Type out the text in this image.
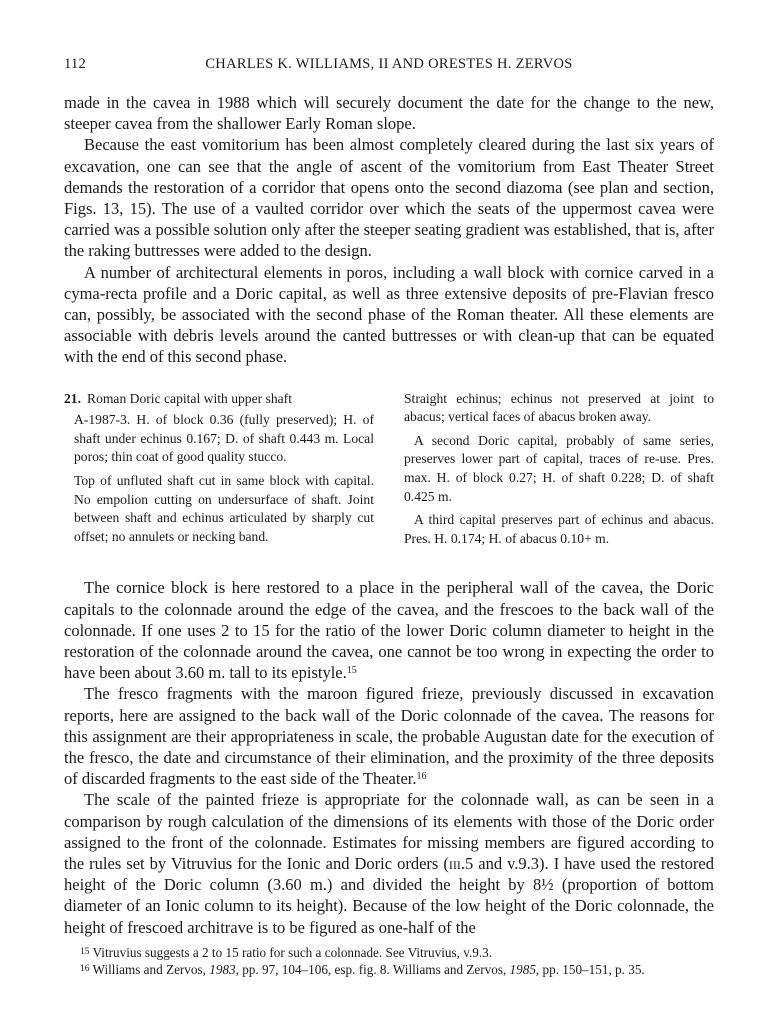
112	CHARLES K. WILLIAMS, II AND ORESTES H. ZERVOS

made in the cavea in 1988 which will securely document the date for the change to the new, steeper cavea from the shallower Early Roman slope.

Because the east vomitorium has been almost completely cleared during the last six years of excavation, one can see that the angle of ascent of the vomitorium from East Theater Street demands the restoration of a corridor that opens onto the second diazoma (see plan and section, Figs. 13, 15). The use of a vaulted corridor over which the seats of the uppermost cavea were carried was a possible solution only after the steeper seating gradient was established, that is, after the raking buttresses were added to the design.

A number of architectural elements in poros, including a wall block with cornice carved in a cyma-recta profile and a Doric capital, as well as three extensive deposits of pre-Flavian fresco can, possibly, be associated with the second phase of the Roman theater. All these elements are associable with debris levels around the canted buttresses or with clean-up that can be equated with the end of this second phase.

21. Roman Doric capital with upper shaft

A-1987-3. H. of block 0.36 (fully preserved); H. of shaft under echinus 0.167; D. of shaft 0.443 m. Local poros; thin coat of good quality stucco.

Top of unfluted shaft cut in same block with capital. No empolion cutting on undersurface of shaft. Joint between shaft and echinus articulated by sharply cut offset; no annulets or necking band.

Straight echinus; echinus not preserved at joint to abacus; vertical faces of abacus broken away.

A second Doric capital, probably of same series, preserves lower part of capital, traces of re-use. Pres. max. H. of block 0.27; H. of shaft 0.228; D. of shaft 0.425 m.

A third capital preserves part of echinus and abacus. Pres. H. 0.174; H. of abacus 0.10+ m.

The cornice block is here restored to a place in the peripheral wall of the cavea, the Doric capitals to the colonnade around the edge of the cavea, and the frescoes to the back wall of the colonnade. If one uses 2 to 15 for the ratio of the lower Doric column diameter to height in the restoration of the colonnade around the cavea, one cannot be too wrong in expecting the order to have been about 3.60 m. tall to its epistyle.$^{15}$

The fresco fragments with the maroon figured frieze, previously discussed in excavation reports, here are assigned to the back wall of the Doric colonnade of the cavea. The reasons for this assignment are their appropriateness in scale, the probable Augustan date for the execution of the fresco, the date and circumstance of their elimination, and the proximity of the three deposits of discarded fragments to the east side of the Theater.$^{16}$

The scale of the painted frieze is appropriate for the colonnade wall, as can be seen in a comparison by rough calculation of the dimensions of its elements with those of the Doric order assigned to the front of the colonnade. Estimates for missing members are figured according to the rules set by Vitruvius for the Ionic and Doric orders (iii.5 and v.9.3). I have used the restored height of the Doric column (3.60 m.) and divided the height by 8½ (proportion of bottom diameter of an Ionic column to its height). Because of the low height of the Doric colonnade, the height of frescoed architrave is to be figured as one-half of the

$^{15}$ Vitruvius suggests a 2 to 15 ratio for such a colonnade. See Vitruvius, v.9.3.

$^{16}$ Williams and Zervos, 1983, pp. 97, 104–106, esp. fig. 8. Williams and Zervos, 1985, pp. 150–151, p. 35.
